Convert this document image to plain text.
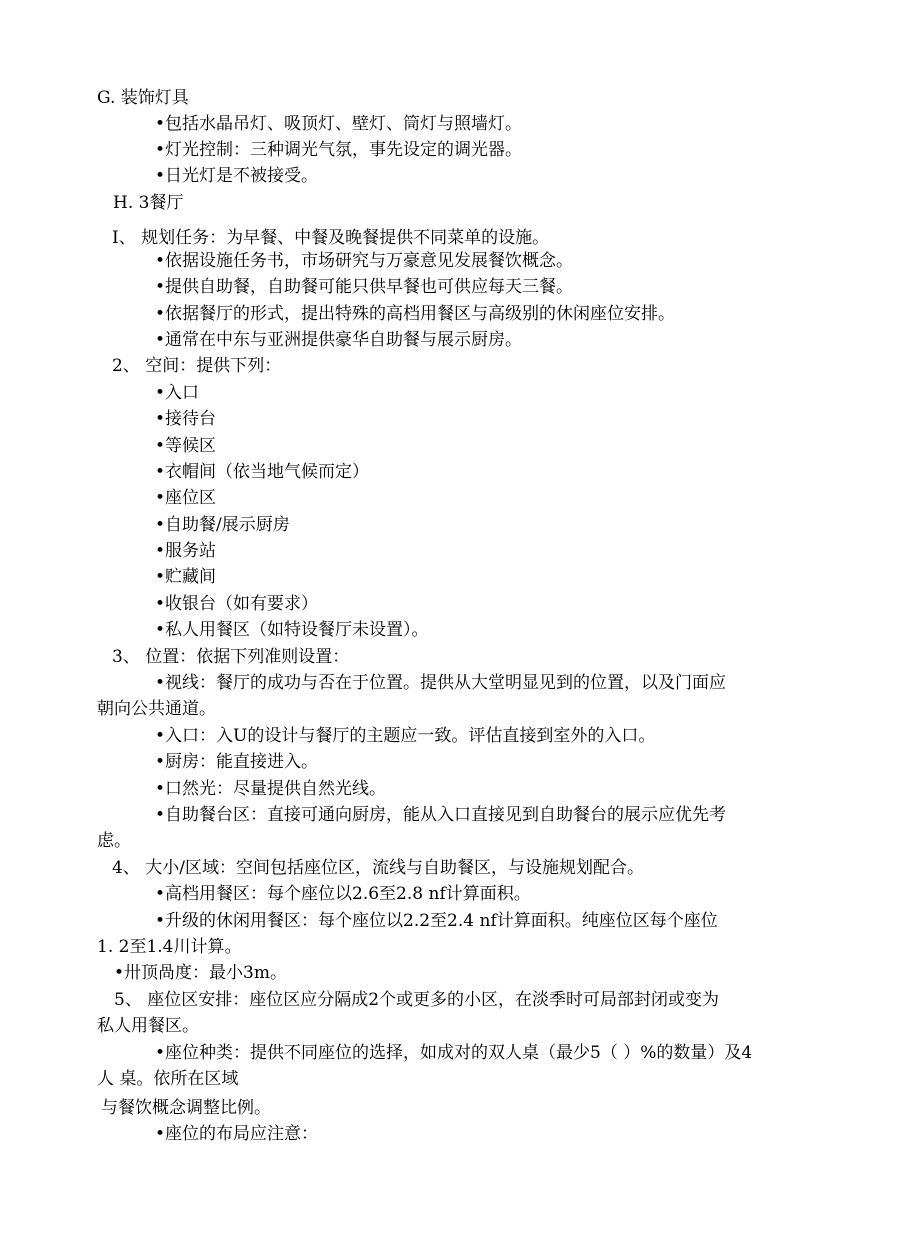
G. 装饰灯具
•包括水晶吊灯、吸顶灯、壁灯、筒灯与照墙灯。
•灯光控制：三种调光气氛，事先设定的调光器。
•日光灯是不被接受。
H. 3餐厅
I、 规划任务：为早餐、中餐及晚餐提供不同菜单的设施。
•依据设施任务书，市场研究与万豪意见发展餐饮概念。
•提供自助餐，自助餐可能只供早餐也可供应每天三餐。
•依据餐厅的形式，提出特殊的高档用餐区与高级别的休闲座位安排。
•通常在中东与亚洲提供豪华自助餐与展示厨房。
2、 空间：提供下列：
•入口
•接待台
•等候区
•衣帽间（依当地气候而定）
•座位区
•自助餐/展示厨房
•服务站
•贮藏间
•收银台（如有要求）
•私人用餐区（如特设餐厅未设置）。
3、 位置：依据下列准则设置：
•视线：餐厅的成功与否在于位置。提供从大堂明显见到的位置，以及门面应
朝向公共通道。
•入口：入U的设计与餐厅的主题应一致。评估直接到室外的入口。
•厨房：能直接进入。
•口然光：尽量提供自然光线。
•自助餐台区：直接可通向厨房，能从入口直接见到自助餐台的展示应优先考
虑。
4、 大小/区域：空间包括座位区，流线与自助餐区，与设施规划配合。
•高档用餐区：每个座位以2.6至2.8 nf计算面积。
•升级的休闲用餐区：每个座位以2.2至2.4 nf计算面积。纯座位区每个座位
1. 2至1.4川计算。
•卅顶咼度：最小3m。
5、 座位区安排：座位区应分隔成2个或更多的小区，在淡季时可局部封闭或变为
私人用餐区。
•座位种类：提供不同座位的选择，如成对的双人桌（最少5（ ）%的数量）及4
人 桌。依所在区域
与餐饮概念调整比例。
•座位的布局应注意：
